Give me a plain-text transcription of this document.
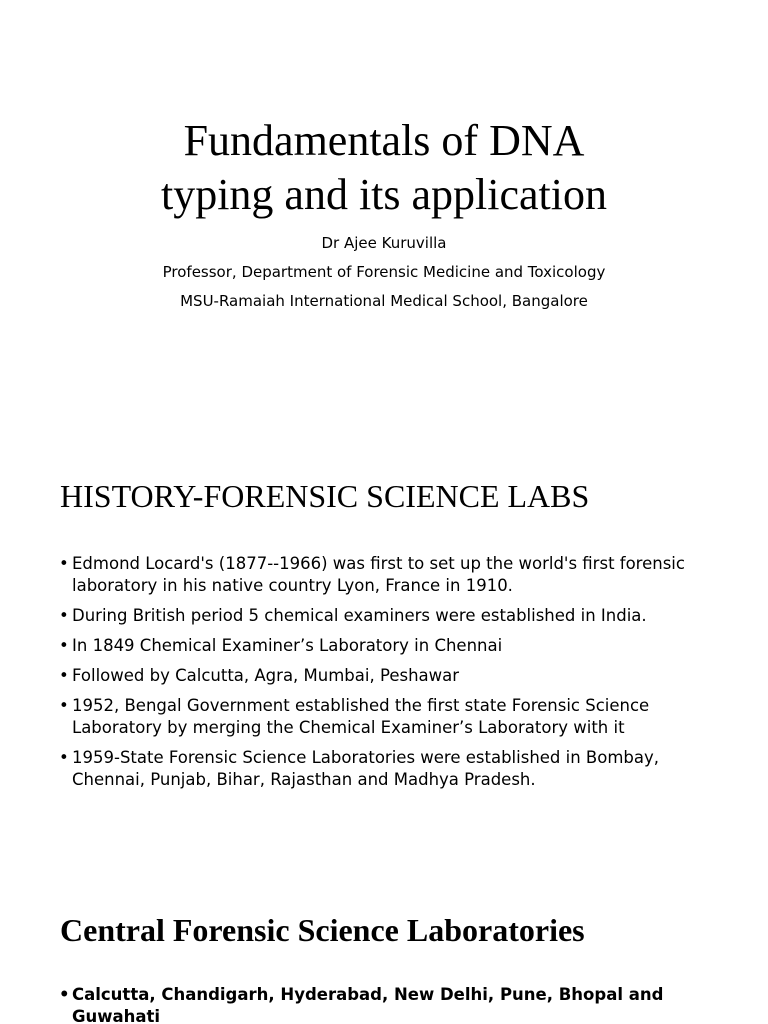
Fundamentals of DNA
typing and its application
Dr Ajee Kuruvilla
Professor, Department of Forensic Medicine and Toxicology
MSU-Ramaiah International Medical School, Bangalore
HISTORY-FORENSIC SCIENCE LABS
• Edmond Locard's (1877--1966) was first to set up the world's first forensic laboratory in his native country Lyon, France in 1910.
• During British period 5 chemical examiners were established in India.
• In 1849 Chemical Examiner’s Laboratory in Chennai
• Followed by Calcutta, Agra, Mumbai, Peshawar
• 1952, Bengal Government established the first state Forensic Science Laboratory by merging the Chemical Examiner’s Laboratory with it
• 1959-State Forensic Science Laboratories were established in Bombay, Chennai, Punjab, Bihar, Rajasthan and Madhya Pradesh.
Central Forensic Science Laboratories
• Calcutta, Chandigarh, Hyderabad, New Delhi, Pune, Bhopal and Guwahati
